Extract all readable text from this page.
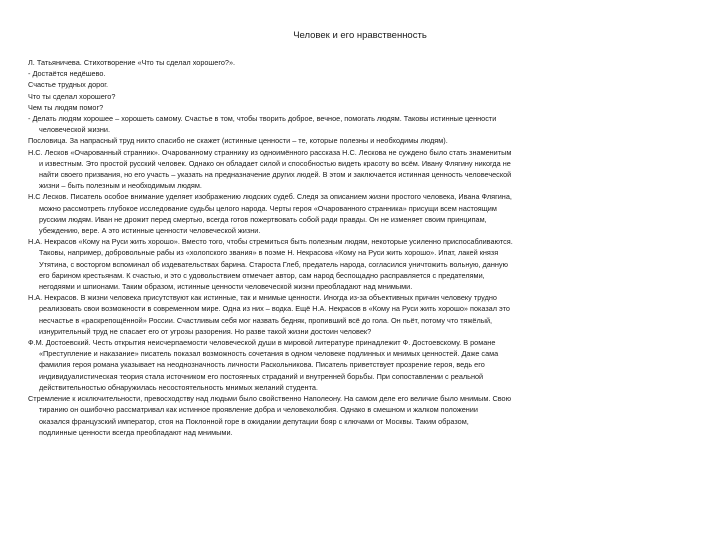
Человек и его нравственность
Л. Татьяничева. Стихотворение «Что ты сделал хорошего?».
- Достаётся недёшево.
Счастье трудных дорог.
Что ты сделал хорошего?
Чем ты людям помог?
- Делать людям хорошее – хорошеть самому. Счастье в том, чтобы творить доброе, вечное, помогать людям. Таковы истинные ценности
человеческой жизни.
Пословица. За напрасный труд никто спасибо не скажет (истинные ценности – те, которые полезны и необходимы людям).
Н.С. Лесков «Очарованный странник». Очарованному страннику из одноимённого рассказа Н.С. Лескова не суждено было стать знаменитым
и известным. Это простой русский человек. Однако он обладает силой и способностью видеть красоту во всём. Ивану Флягину никогда не
найти своего призвания, но его участь – указать на предназначение других людей. В этом и заключается истинная ценность человеческой
жизни – быть полезным и необходимым людям.
Н.С Лесков. Писатель особое внимание уделяет изображению людских судеб. Следя за описанием жизни простого человека, Ивана Флягина,
можно рассмотреть глубокое исследование судьбы целого народа. Черты героя «Очарованного странника» присущи всем настоящим
русским людям. Иван не дрожит перед смертью, всегда готов пожертвовать собой ради правды. Он не изменяет своим принципам,
убеждению, вере. А это истинные ценности человеческой жизни.
Н.А. Некрасов «Кому на Руси жить хорошо». Вместо того, чтобы стремиться быть полезным людям, некоторые усиленно приспосабливаются.
Таковы, например, добровольные рабы из «холопского звания» в поэме Н. Некрасова «Кому на Руси жить хорошо». Ипат, лакей князя
Утятина, с восторгом вспоминал об издевательствах барина. Староста Глеб, предатель народа, согласился уничтожить вольную, данную
его барином крестьянам. К счастью, и это с удовольствием отмечает автор, сам народ беспощадно расправляется с предателями,
негодяями и шпионами. Таким образом, истинные ценности человеческой жизни преобладают над мнимыми.
Н.А. Некрасов. В жизни человека присутствуют как истинные, так и мнимые ценности. Иногда из-за объективных причин человеку трудно
реализовать свои возможности в современном мире. Одна из них – водка. Ещё Н.А. Некрасов в «Кому на Руси жить хорошо» показал это
несчастье в «раскрепощённой» России. Счастливым себя мог назвать бедняк, пропивший всё до гола. Он пьёт, потому что тяжёлый,
изнурительный труд не спасает его от угрозы разорения. Но разве такой жизни достоин человек?
Ф.М. Достоевский. Честь открытия неисчерпаемости человеческой души в мировой литературе принадлежит Ф. Достоевскому. В романе
«Преступление и наказание» писатель показал возможность сочетания в одном человеке подлинных и мнимых ценностей. Даже сама
фамилия героя романа указывает на неоднозначность личности Раскольникова. Писатель приветствует прозрение героя, ведь его
индивидуалистическая теория стала источником его постоянных страданий и внутренней борьбы. При сопоставлении с реальной
действительностью обнаружилась несостоятельность мнимых желаний студента.
Стремление к исключительности, превосходству над людьми было свойственно Наполеону. На самом деле его величие было мнимым. Свою
тиранию он ошибочно рассматривал как истинное проявление добра и человеколюбия. Однако в смешном и жалком положении
оказался французский император, стоя на Поклонной горе в ожидании депутации бояр с ключами от Москвы. Таким образом,
подлинные ценности всегда преобладают над мнимыми.
